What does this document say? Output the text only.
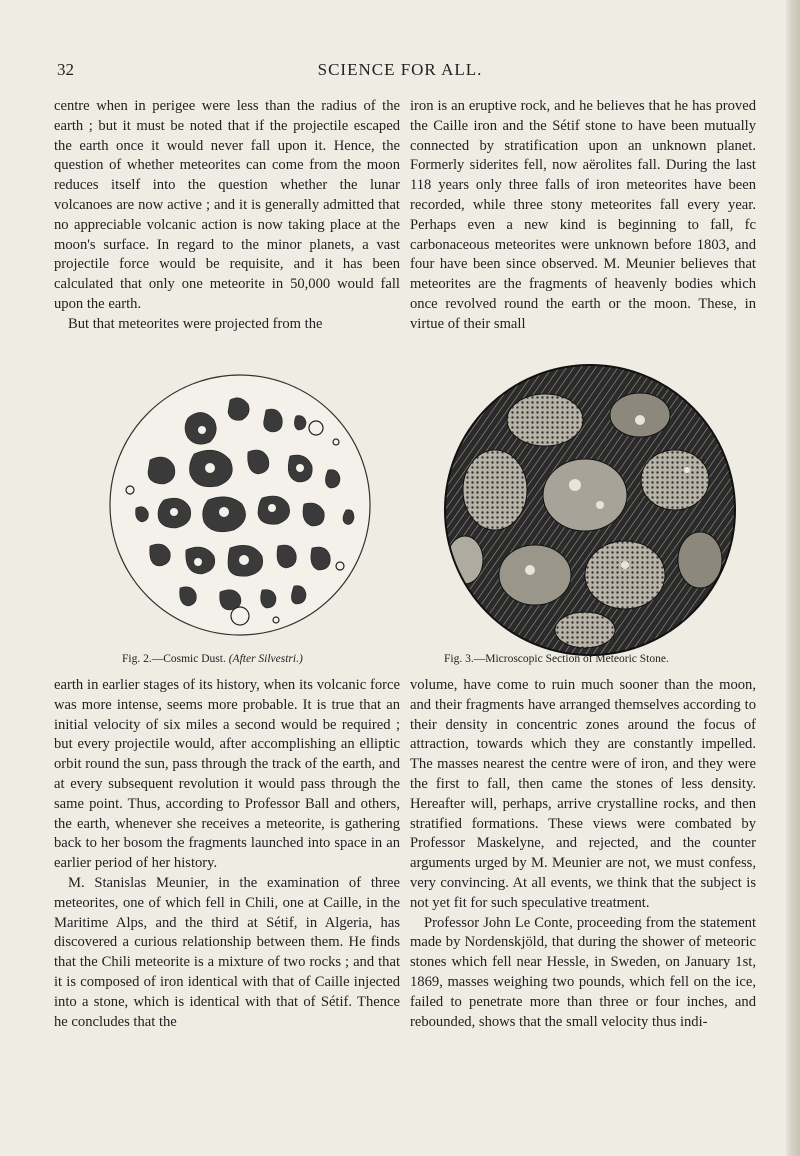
32	SCIENCE FOR ALL.

centre when in perigee were less than the radius of the earth ; but it must be noted that if the projectile escaped the earth once it would never fall upon it. Hence, the question of whether meteorites can come from the moon reduces itself into the question whether the lunar volcanoes are now active ; and it is generally admitted that no appreciable volcanic action is now taking place at the moon's surface. In regard to the minor planets, a vast projectile force would be requisite, and it has been calculated that only one meteorite in 50,000 would fall upon the earth.

But that meteorites were projected from the

iron is an eruptive rock, and he believes that he has proved the Caille iron and the Sétif stone to have been mutually connected by stratification upon an unknown planet. Formerly siderites fell, now aërolites fall. During the last 118 years only three falls of iron meteorites have been recorded, while three stony meteorites fall every year. Perhaps even a new kind is beginning to fall, fc carbonaceous meteorites were unknown before 1803, and four have been since observed. M. Meunier believes that meteorites are the fragments of heavenly bodies which once revolved round the earth or the moon. These, in virtue of their small

Fig. 2.—Cosmic Dust. (After Silvestri.)	Fig. 3.—Microscopic Section of Meteoric Stone.

earth in earlier stages of its history, when its volcanic force was more intense, seems more probable. It is true that an initial velocity of six miles a second would be required ; but every projectile would, after accomplishing an elliptic orbit round the sun, pass through the track of the earth, and at every subsequent revolution it would pass through the same point. Thus, according to Professor Ball and others, the earth, whenever she receives a meteorite, is gathering back to her bosom the fragments launched into space in an earlier period of her history.

M. Stanislas Meunier, in the examination of three meteorites, one of which fell in Chili, one at Caille, in the Maritime Alps, and the third at Sétif, in Algeria, has discovered a curious relationship between them. He finds that the Chili meteorite is a mixture of two rocks ; and that it is composed of iron identical with that of Caille injected into a stone, which is identical with that of Sétif. Thence he concludes that the

volume, have come to ruin much sooner than the moon, and their fragments have arranged themselves according to their density in concentric zones around the focus of attraction, towards which they are constantly impelled. The masses nearest the centre were of iron, and they were the first to fall, then came the stones of less density. Hereafter will, perhaps, arrive crystalline rocks, and then stratified formations. These views were combated by Professor Maskelyne, and rejected, and the counter arguments urged by M. Meunier are not, we must confess, very convincing. At all events, we think that the subject is not yet fit for such speculative treatment.

Professor John Le Conte, proceeding from the statement made by Nordenskjöld, that during the shower of meteoric stones which fell near Hessle, in Sweden, on January 1st, 1869, masses weighing two pounds, which fell on the ice, failed to penetrate more than three or four inches, and rebounded, shows that the small velocity thus indi-
